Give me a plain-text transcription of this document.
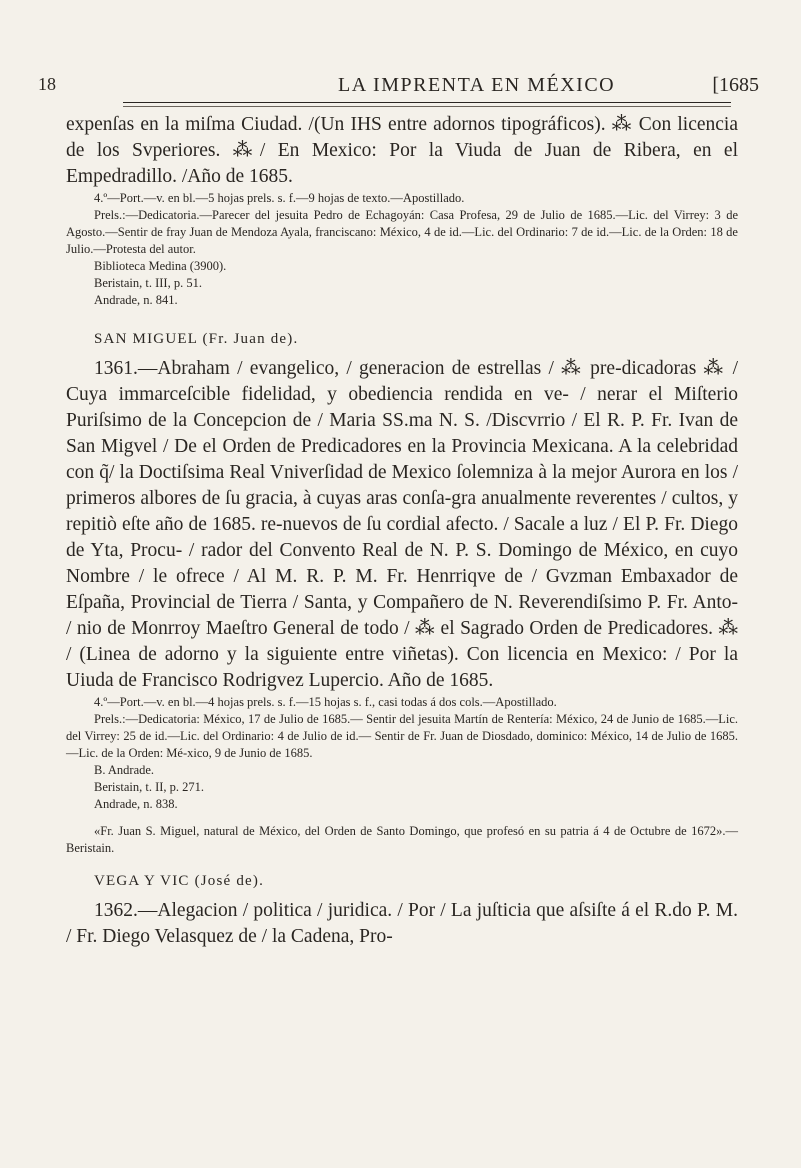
18	LA IMPRENTA EN MÉXICO	[1685

expenſas en la miſma Ciudad. /(Un IHS entre adornos tipográficos). ⁂ Con licencia de los Svperiores. ⁂/ En Mexico: Por la Viuda de Juan de Ribera, en el Empedradillo. /Año de 1685.

4.º—Port.—v. en bl.—5 hojas prels. s. f.—9 hojas de texto.—Apostillado.

Prels.:—Dedicatoria.—Parecer del jesuita Pedro de Echagoyán: Casa Profesa, 29 de Julio de 1685.—Lic. del Virrey: 3 de Agosto.—Sentir de fray Juan de Mendoza Ayala, franciscano: México, 4 de id.—Lic. del Ordinario: 7 de id.—Lic. de la Orden: 18 de Julio.—Protesta del autor.

Biblioteca Medina (3900).

Beristain, t. III, p. 51.

Andrade, n. 841.

SAN MIGUEL (Fr. Juan de).

1361.—Abraham / evangelico, / generacion de estrellas / ⁂ pre-dicadoras ⁂ / Cuya immarceſcible fidelidad, y obediencia rendida en ve- / nerar el Miſterio Puriſsimo de la Concepcion de / Maria SS.ma N. S. /Discvrrio / El R. P. Fr. Ivan de San Migvel / De el Orden de Predicadores en la Provincia Mexicana. A la celebridad con q̃/ la Doctiſsima Real Vniverſidad de Mexico ſolemniza à la mejor Aurora en los / primeros albores de ſu gracia, à cuyas aras conſa-gra anualmente reverentes / cultos, y repitiò eſte año de 1685. re-nuevos de ſu cordial afecto. / Sacale a luz / El P. Fr. Diego de Yta, Procu- / rador del Convento Real de N. P. S. Domingo de México, en cuyo Nombre / le ofrece / Al M. R. P. M. Fr. Henrriqve de / Gvzman Embaxador de Eſpaña, Provincial de Tierra / Santa, y Compañero de N. Reverendiſsimo P. Fr. Anto- / nio de Monrroy Maeſtro General de todo / ⁂ el Sagrado Orden de Predicadores. ⁂ / (Linea de adorno y la siguiente entre viñetas). Con licencia en Mexico: / Por la Uiuda de Francisco Rodrigvez Lupercio. Año de 1685.

4.º—Port.—v. en bl.—4 hojas prels. s. f.—15 hojas s. f., casi todas á dos cols.—Apostillado.

Prels.:—Dedicatoria: México, 17 de Julio de 1685.— Sentir del jesuita Martín de Rentería: México, 24 de Junio de 1685.—Lic. del Virrey: 25 de id.—Lic. del Ordinario: 4 de Julio de id.— Sentir de Fr. Juan de Diosdado, dominico: México, 14 de Julio de 1685.—Lic. de la Orden: Mé-xico, 9 de Junio de 1685.

B. Andrade.

Beristain, t. II, p. 271.

Andrade, n. 838.

«Fr. Juan S. Miguel, natural de México, del Orden de Santo Domingo, que profesó en su patria á 4 de Octubre de 1672».—Beristain.

VEGA Y VIC (José de).

1362.—Alegacion / politica / juridica. / Por / La juſticia que aſsiſte á el R.do P. M. / Fr. Diego Velasquez de / la Cadena, Pro-
